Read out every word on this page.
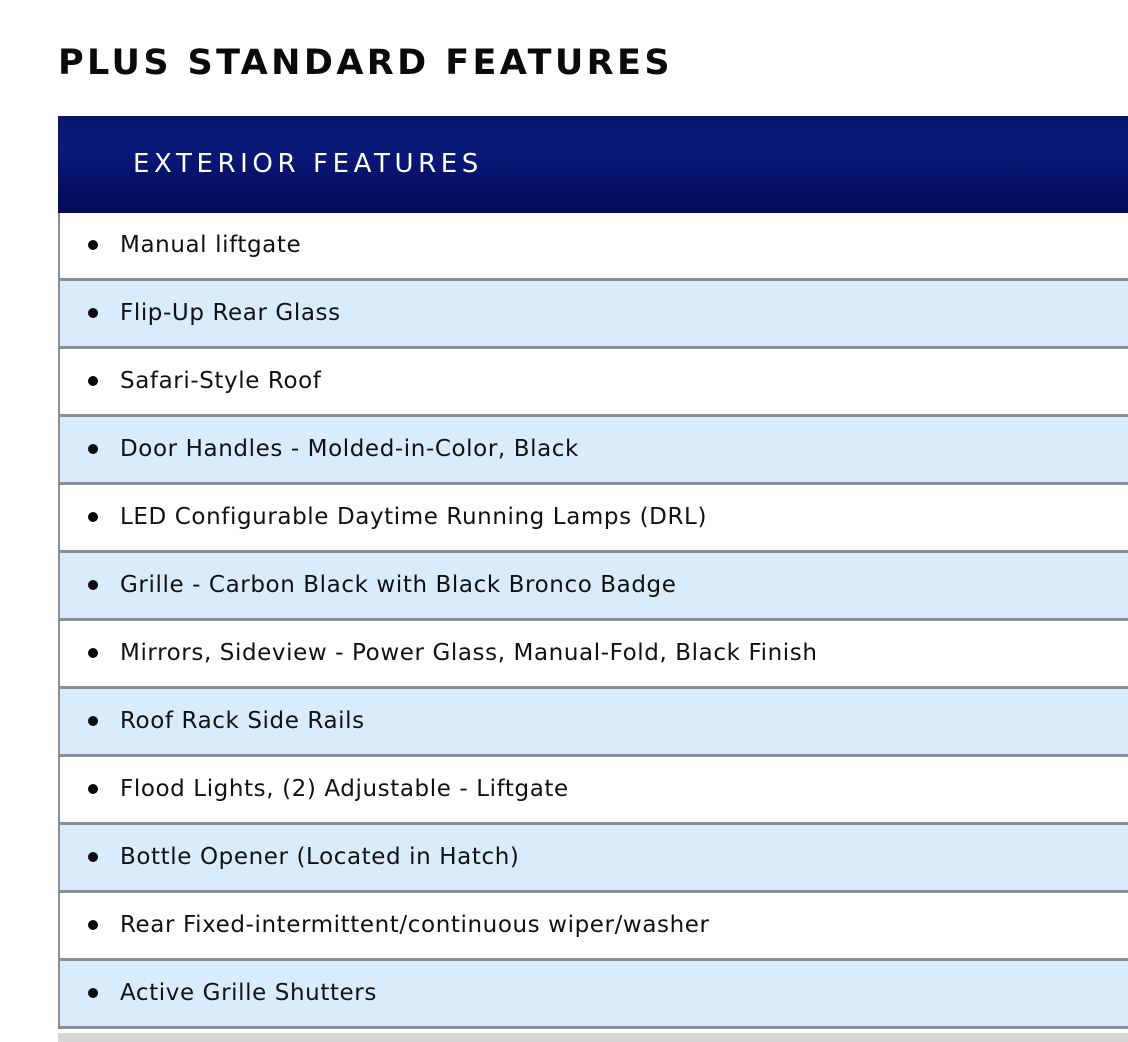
PLUS STANDARD FEATURES
EXTERIOR FEATURES
Manual liftgate
Flip-Up Rear Glass
Safari-Style Roof
Door Handles - Molded-in-Color, Black
LED Configurable Daytime Running Lamps (DRL)
Grille - Carbon Black with Black Bronco Badge
Mirrors, Sideview - Power Glass, Manual-Fold, Black Finish
Roof Rack Side Rails
Flood Lights, (2) Adjustable - Liftgate
Bottle Opener (Located in Hatch)
Rear Fixed-intermittent/continuous wiper/washer
Active Grille Shutters
